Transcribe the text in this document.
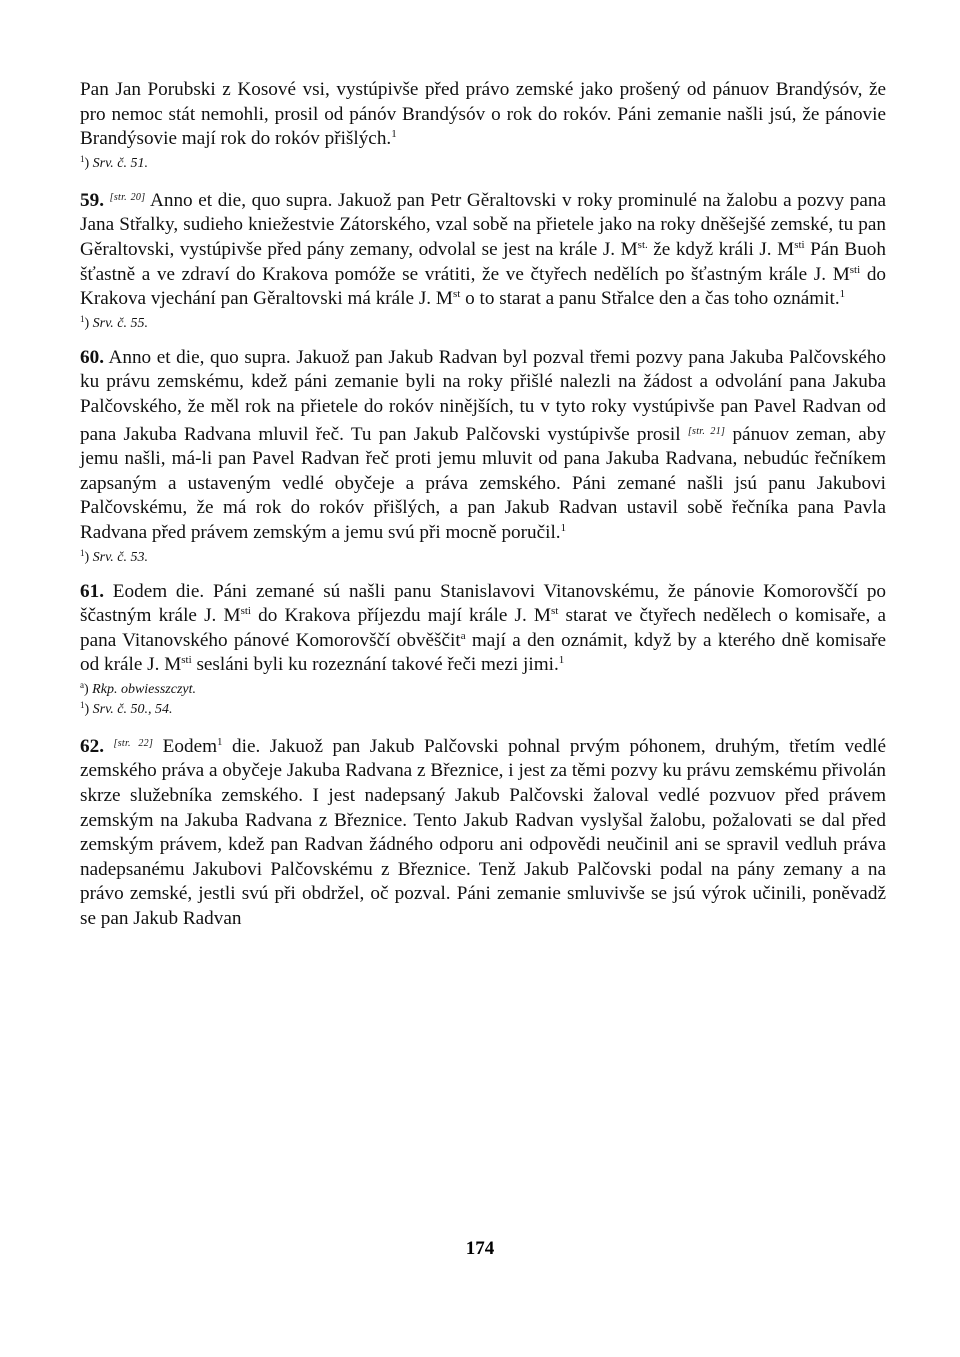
Pan Jan Porubski z Kosové vsi, vystúpivše před právo zemské jako prošený od pánuov Brandýsóv, že pro nemoc stát nemohli, prosil od pánóv Brandýsóv o rok do rokóv. Páni zemanie našli jsú, že pánovie Brandýsovie mají rok do rokóv přišlých.$^1$

$^1$) Srv. č. 51.

59. [str. 20] Anno et die, quo supra. Jakuož pan Petr Gěraltovski v roky prominulé na žalobu a pozvy pana Jana Střalky, sudieho kniežestvie Zátorského, vzal sobě na přietele jako na roky dněšejšé zemské, tu pan Gěraltovski, vystúpivše před pány zemany, odvolal se jest na krále J. $M^{st.}$ že když králi J. $M^{sti}$ Pán Buoh šťastně a ve zdraví do Krakova pomóže se vrátiti, že ve čtyřech nedělích po šťastným krále J. $M^{sti}$ do Krakova vjechání pan Gěraltovski má krále J. Mst o to starat a panu Střalce den a čas toho oznámit.$^1$

$^1$) Srv. č. 55.

60. Anno et die, quo supra. Jakuož pan Jakub Radvan byl pozval třemi pozvy pana Jakuba Palčovského ku právu zemskému, kdež páni zemanie byli na roky přišlé nalezli na žádost a odvolání pana Jakuba Palčovského, že měl rok na přietele do rokóv ninějších, tu v tyto roky vystúpivše pan Pavel Radvan od pana Jakuba Radvana mluvil řeč. Tu pan Jakub Palčovski vystúpivše prosil [str. 21] pánuov zeman, aby jemu našli, má-li pan Pavel Radvan řeč proti jemu mluvit od pana Jakuba Radvana, nebudúc řečníkem zapsaným a ustaveným vedlé obyčeje a práva zemského. Páni zemané našli jsú panu Jakubovi Palčovskému, že má rok do rokóv přišlých, a pan Jakub Radvan ustavil sobě řečníka pana Pavla Radvana před právem zemským a jemu svú při mocně poručil.$^1$

$^1$) Srv. č. 53.

61. Eodem die. Páni zemané sú našli panu Stanislavovi Vitanovskému, že pánovie Komorovščí po ščastným krále J. $M^{sti}$ do Krakova příjezdu mají krále J. Mst starat ve čtyřech nedělech o komisaře, a pana Vitanovského pánové Komorovščí obvěščit$^a$ mají a den oznámit, když by a kterého dně komisaře od krále J. $M^{sti}$ sesláni byli ku rozeznání takové řeči mezi jimi.$^1$

$^a$) Rkp. obwiesszczyt.

$^1$) Srv. č. 50., 54.

62. [str. 22] Eodem$^1$ die. Jakuož pan Jakub Palčovski pohnal prvým póhonem, druhým, třetím vedlé zemského práva a obyčeje Jakuba Radvana z Březnice, i jest za těmi pozvy ku právu zemskému přivolán skrze služebníka zemského. I jest nadepsaný Jakub Palčovski žaloval vedlé pozvuov před právem zemským na Jakuba Radvana z Březnice. Tento Jakub Radvan vyslyšal žalobu, požalovati se dal před zemským právem, kdež pan Radvan žádného odporu ani odpovědi neučinil ani se spravil vedluh práva nadepsanému Jakubovi Palčovskému z Březnice. Tenž Jakub Palčovski podal na pány zemany a na právo zemské, jestli svú při obdržel, oč pozval. Páni zemanie smluvivše se jsú výrok učinili, poněvadž se pan Jakub Radvan

174
